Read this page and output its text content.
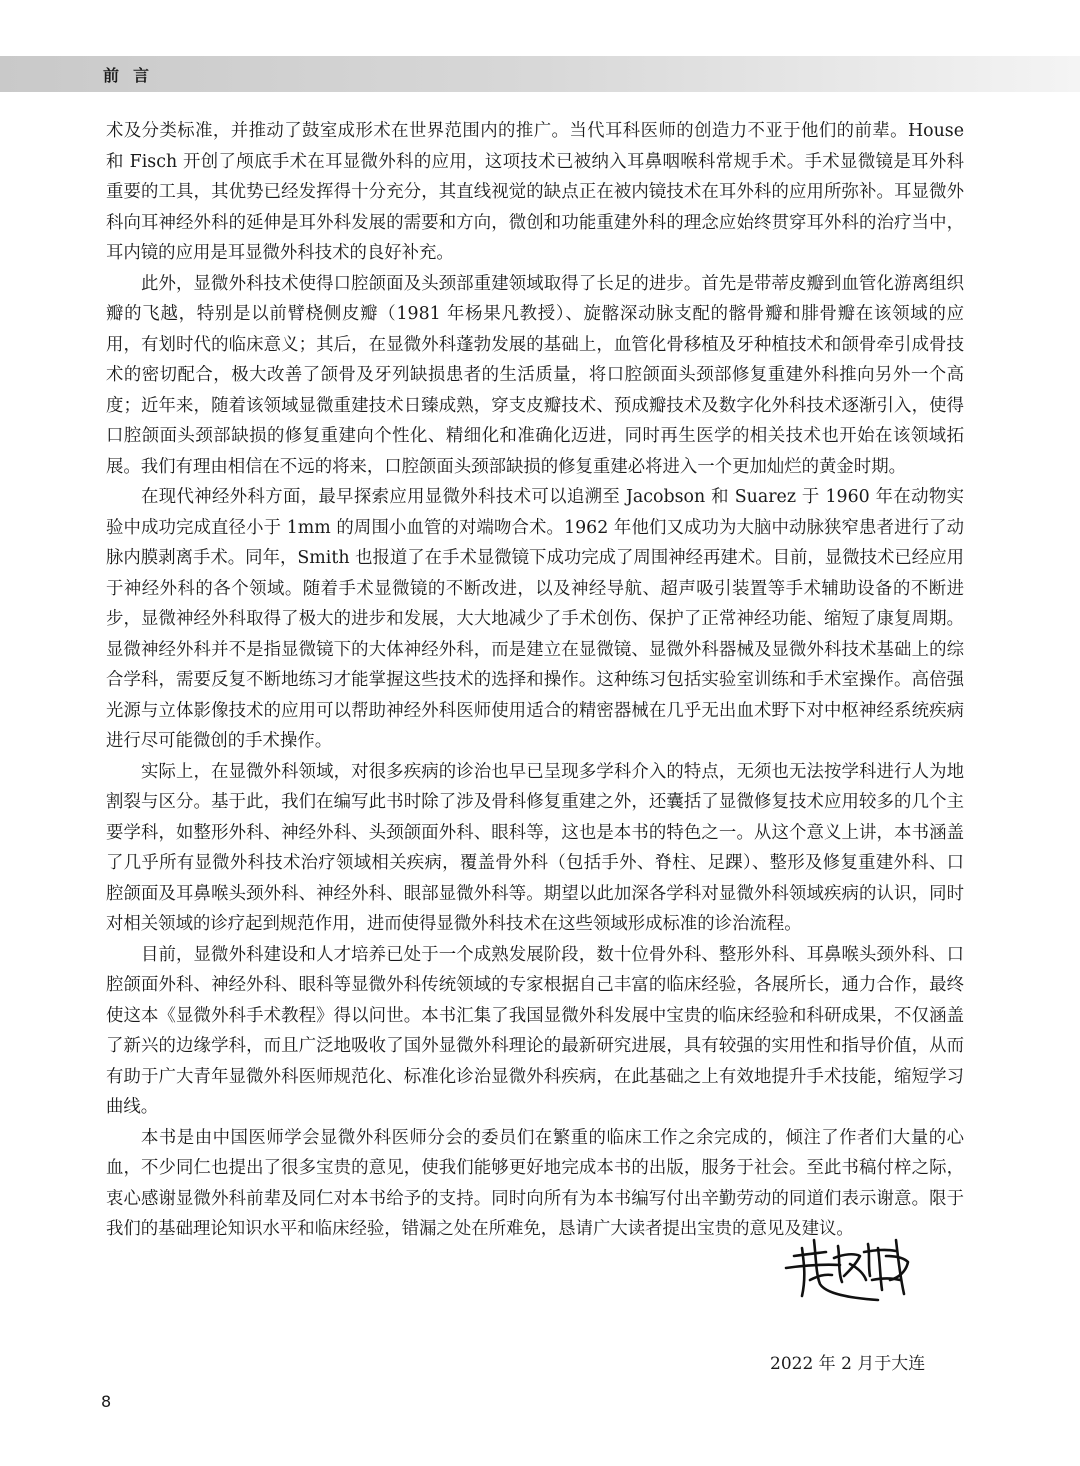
前言

术及分类标准，并推动了鼓室成形术在世界范围内的推广。当代耳科医师的创造力不亚于他们的前辈。House 和 Fisch 开创了颅底手术在耳显微外科的应用，这项技术已被纳入耳鼻咽喉科常规手术。手术显微镜是耳外科重要的工具，其优势已经发挥得十分充分，其直线视觉的缺点正在被内镜技术在耳外科的应用所弥补。耳显微外科向耳神经外科的延伸是耳外科发展的需要和方向，微创和功能重建外科的理念应始终贯穿耳外科的治疗当中，耳内镜的应用是耳显微外科技术的良好补充。

此外，显微外科技术使得口腔颌面及头颈部重建领域取得了长足的进步。首先是带蒂皮瓣到血管化游离组织瓣的飞越，特别是以前臂桡侧皮瓣（1981 年杨果凡教授）、旋髂深动脉支配的髂骨瓣和腓骨瓣在该领域的应用，有划时代的临床意义；其后，在显微外科蓬勃发展的基础上，血管化骨移植及牙种植技术和颌骨牵引成骨技术的密切配合，极大改善了颌骨及牙列缺损患者的生活质量，将口腔颌面头颈部修复重建外科推向另外一个高度；近年来，随着该领域显微重建技术日臻成熟，穿支皮瓣技术、预成瓣技术及数字化外科技术逐渐引入，使得口腔颌面头颈部缺损的修复重建向个性化、精细化和准确化迈进，同时再生医学的相关技术也开始在该领域拓展。我们有理由相信在不远的将来，口腔颌面头颈部缺损的修复重建必将进入一个更加灿烂的黄金时期。

在现代神经外科方面，最早探索应用显微外科技术可以追溯至 Jacobson 和 Suarez 于 1960 年在动物实验中成功完成直径小于 1mm 的周围小血管的对端吻合术。1962 年他们又成功为大脑中动脉狭窄患者进行了动脉内膜剥离手术。同年，Smith 也报道了在手术显微镜下成功完成了周围神经再建术。目前，显微技术已经应用于神经外科的各个领域。随着手术显微镜的不断改进，以及神经导航、超声吸引装置等手术辅助设备的不断进步，显微神经外科取得了极大的进步和发展，大大地减少了手术创伤、保护了正常神经功能、缩短了康复周期。显微神经外科并不是指显微镜下的大体神经外科，而是建立在显微镜、显微外科器械及显微外科技术基础上的综合学科，需要反复不断地练习才能掌握这些技术的选择和操作。这种练习包括实验室训练和手术室操作。高倍强光源与立体影像技术的应用可以帮助神经外科医师使用适合的精密器械在几乎无出血术野下对中枢神经系统疾病进行尽可能微创的手术操作。

实际上，在显微外科领域，对很多疾病的诊治也早已呈现多学科介入的特点，无须也无法按学科进行人为地割裂与区分。基于此，我们在编写此书时除了涉及骨科修复重建之外，还囊括了显微修复技术应用较多的几个主要学科，如整形外科、神经外科、头颈颌面外科、眼科等，这也是本书的特色之一。从这个意义上讲，本书涵盖了几乎所有显微外科技术治疗领域相关疾病，覆盖骨外科（包括手外、脊柱、足踝）、整形及修复重建外科、口腔颌面及耳鼻喉头颈外科、神经外科、眼部显微外科等。期望以此加深各学科对显微外科领域疾病的认识，同时对相关领域的诊疗起到规范作用，进而使得显微外科技术在这些领域形成标准的诊治流程。

目前，显微外科建设和人才培养已处于一个成熟发展阶段，数十位骨外科、整形外科、耳鼻喉头颈外科、口腔颌面外科、神经外科、眼科等显微外科传统领域的专家根据自己丰富的临床经验，各展所长，通力合作，最终使这本《显微外科手术教程》得以问世。本书汇集了我国显微外科发展中宝贵的临床经验和科研成果，不仅涵盖了新兴的边缘学科，而且广泛地吸收了国外显微外科理论的最新研究进展，具有较强的实用性和指导价值，从而有助于广大青年显微外科医师规范化、标准化诊治显微外科疾病，在此基础之上有效地提升手术技能，缩短学习曲线。

本书是由中国医师学会显微外科医师分会的委员们在繁重的临床工作之余完成的，倾注了作者们大量的心血，不少同仁也提出了很多宝贵的意见，使我们能够更好地完成本书的出版，服务于社会。至此书稿付梓之际，衷心感谢显微外科前辈及同仁对本书给予的支持。同时向所有为本书编写付出辛勤劳动的同道们表示谢意。限于我们的基础理论知识水平和临床经验，错漏之处在所难免，恳请广大读者提出宝贵的意见及建议。

2022 年 2 月于大连
8
